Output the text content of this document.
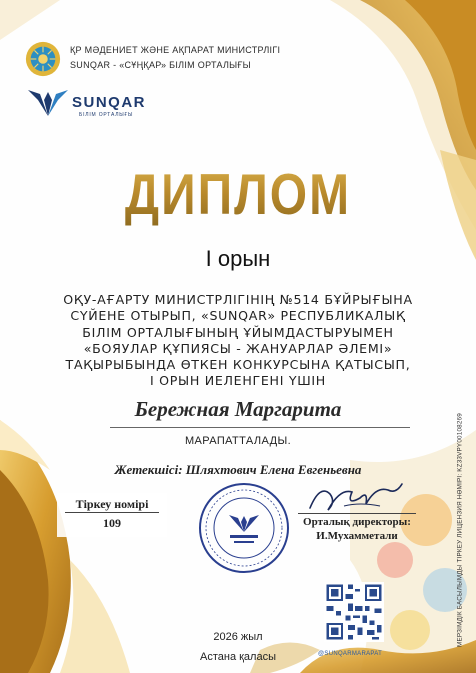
ҚР МӘДЕНИЕТ ЖӘНЕ АҚПАРАТ МИНИСТРЛІГІ
SUNQAR - «СҰҢҚАР» БІЛІМ ОРТАЛЫҒЫ
SUNQAR
БІЛІМ ОРТАЛЫҒЫ
ДИПЛОМ
I орын
ОҚУ-АҒАРТУ МИНИСТРЛІГІНІҢ №514 БҰЙРЫҒЫНА
СҮЙЕНЕ ОТЫРЫП, «SUNQAR» РЕСПУБЛИКАЛЫҚ
БІЛІМ ОРТАЛЫҒЫНЫҢ ҰЙЫМДАСТЫРУЫМЕН
«БОЯУЛАР ҚҰПИЯСЫ - ЖАНУАРЛАР ӘЛЕМІ»
ТАҚЫРЫБЫНДА ӨТКЕН КОНКУРСЫНА ҚАТЫСЫП,
I ОРЫН ИЕЛЕНГЕНІ ҮШІН
Бережная Маргарита
МАРАПАТТАЛАДЫ.
Жетекшісі: Шляхтович Елена Евгеньевна
Тіркеу номірі
109	Орталық директоры:
И.Мухамметали
@SUNQARMARAPAT
2026 жыл
Астана қаласы
МЕРЗІМДІК БАСЫЛЫМДЫ ТІРКЕУ ЛИЦЕНЗИЯ НӨМІРІ: KZ33VPY00108269
